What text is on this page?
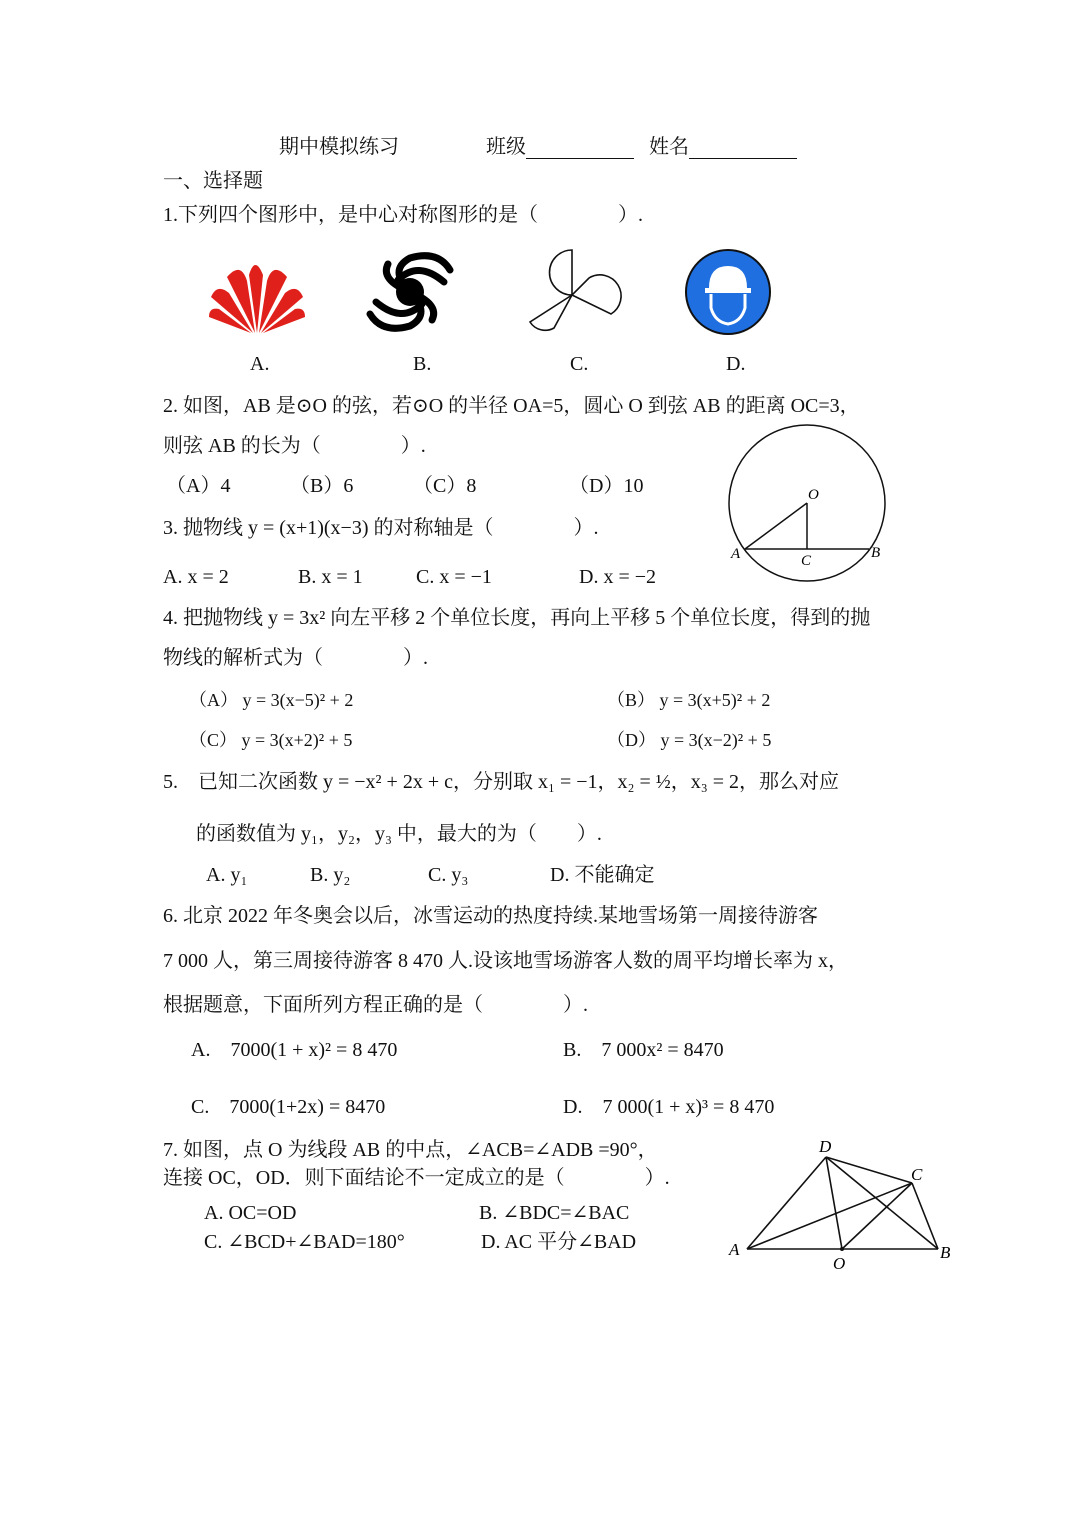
期中模拟练习	班级	姓名
一、选择题
1.下列四个图形中，是中心对称图形的是（　　　　）.
A.	B.	C.	D.
2. 如图，AB 是⊙O 的弦，若⊙O 的半径 OA=5，圆心 O 到弦 AB 的距离 OC=3，
则弦 AB 的长为（　　　　）.
（A）4	（B）6	（C）8	（D）10	O
A	B
C
3. 抛物线 y = (x+1)(x−3) 的对称轴是（　　　　）.
A. x = 2	B. x = 1	C. x = −1	D. x = −2
4. 把抛物线 y = 3x² 向左平移 2 个单位长度，再向上平移 5 个单位长度，得到的抛
物线的解析式为（　　　　）.
（A） y = 3(x−5)² + 2	（B） y = 3(x+5)² + 2
（C） y = 3(x+2)² + 5	（D） y = 3(x−2)² + 5
5.　已知二次函数 y = −x² + 2x + c，分别取 x₁ = −1，x₂ = ½，x₃ = 2，那么对应
的函数值为 y₁，y₂，y₃ 中，最大的为（　　）.
A. y₁	B. y₂	C. y₃	D. 不能确定
6. 北京 2022 年冬奥会以后，冰雪运动的热度持续.某地雪场第一周接待游客
7 000 人，第三周接待游客 8 470 人.设该地雪场游客人数的周平均增长率为 x，
根据题意，下面所列方程正确的是（　　　　）.
A.　7000(1 + x)² = 8 470	B.　7 000x² = 8470
C.　7000(1+2x) = 8470	D.　7 000(1 + x)³ = 8 470
7. 如图，点 O 为线段 AB 的中点，∠ACB=∠ADB =90°，
连接 OC，OD．则下面结论不一定成立的是（　　　　）.
A. OC=OD	B. ∠BDC=∠BAC
C. ∠BCD+∠BAD=180°	D. AC 平分∠BAD
D
C
A
O
B
